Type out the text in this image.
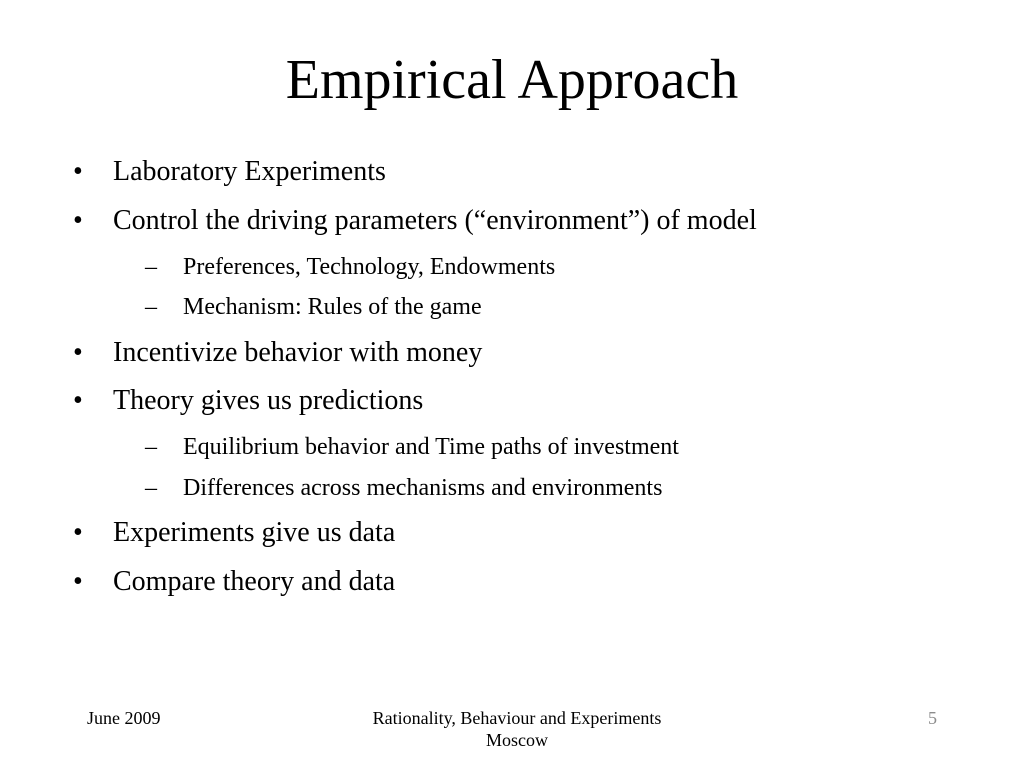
Empirical Approach
• Laboratory Experiments
• Control the driving parameters (“environment”) of model
– Preferences, Technology, Endowments
– Mechanism: Rules of the game
• Incentivize behavior with money
• Theory gives us predictions
– Equilibrium behavior and Time paths of investment
– Differences across mechanisms and environments
• Experiments give us data
• Compare theory and data
June 2009	Rationality, Behaviour and Experiments
Moscow
5
